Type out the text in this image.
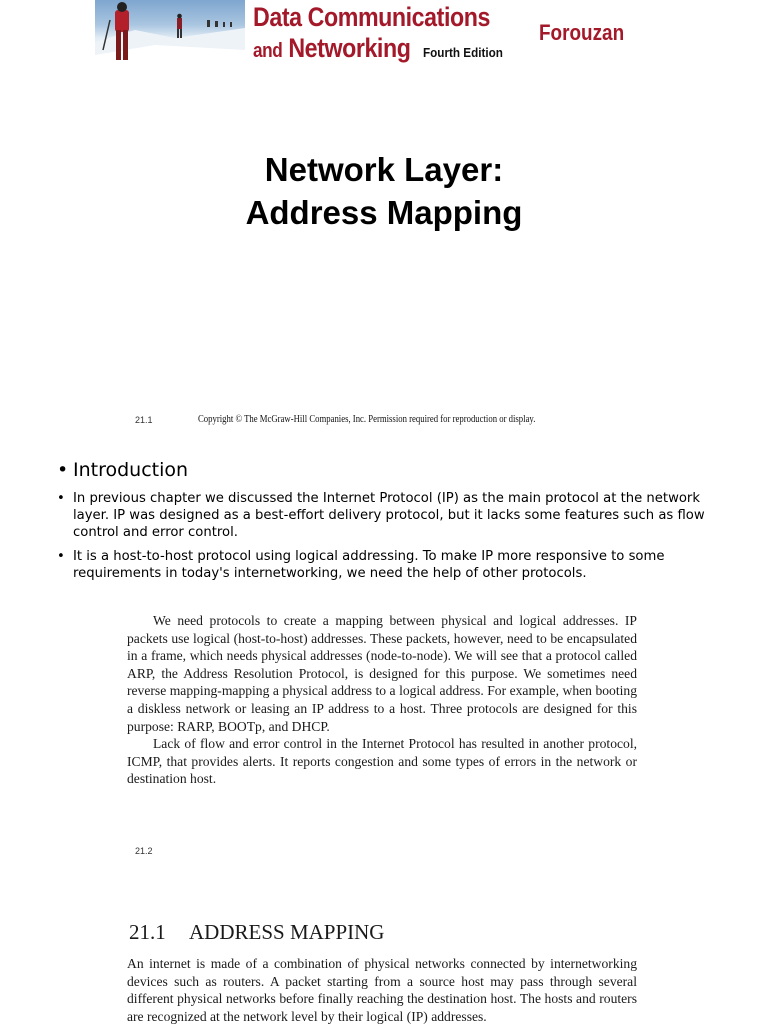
Data Communications
and Networking Fourth Edition
Forouzan
Network Layer:
Address Mapping
21.1	Copyright © The McGraw-Hill Companies, Inc. Permission required for reproduction or display.
• Introduction
• In previous chapter we discussed the Internet Protocol (IP) as the main protocol at the network layer. IP was designed as a best-effort delivery protocol, but it lacks some features such as flow control and error control.
• It is a host-to-host protocol using logical addressing. To make IP more responsive to some requirements in today's internetworking, we need the help of other protocols.

We need protocols to create a mapping between physical and logical addresses. IP packets use logical (host-to-host) addresses. These packets, however, need to be encapsulated in a frame, which needs physical addresses (node-to-node). We will see that a protocol called ARP, the Address Resolution Protocol, is designed for this purpose. We sometimes need reverse mapping-mapping a physical address to a logical address. For example, when booting a diskless network or leasing an IP address to a host. Three protocols are designed for this purpose: RARP, BOOTp, and DHCP.

Lack of flow and error control in the Internet Protocol has resulted in another protocol, ICMP, that provides alerts. It reports congestion and some types of errors in the network or destination host.

21.2
21.1 ADDRESS MAPPING

An internet is made of a combination of physical networks connected by internetworking devices such as routers. A packet starting from a source host may pass through several different physical networks before finally reaching the destination host. The hosts and routers are recognized at the network level by their logical (IP) addresses.
